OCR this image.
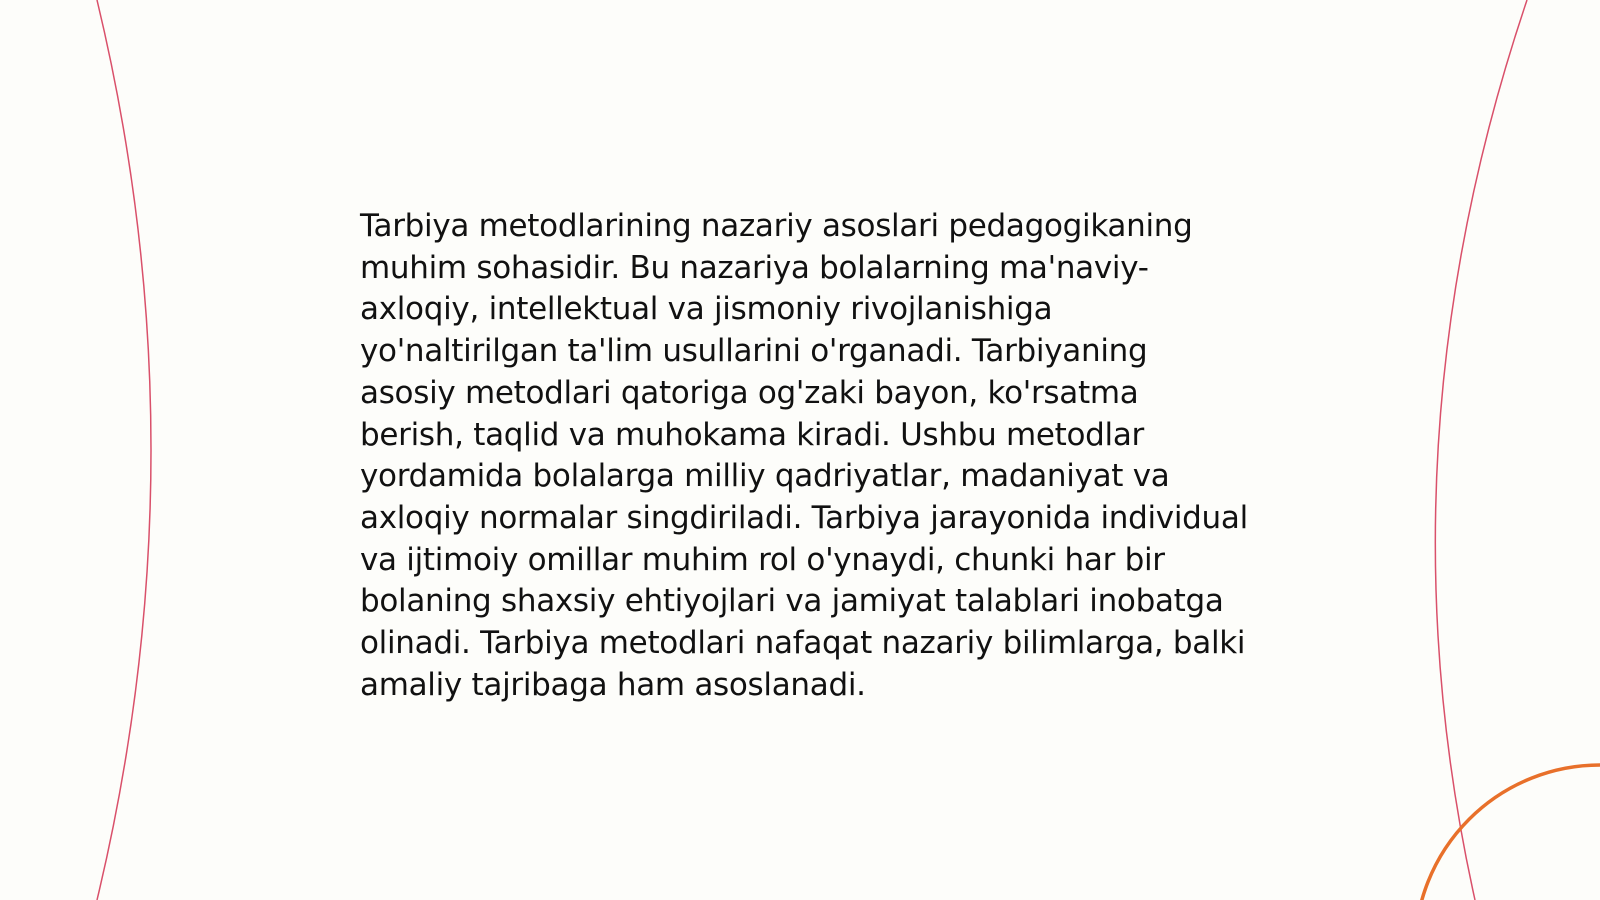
Tarbiya metodlarining nazariy asoslari pedagogikaning muhim sohasidir. Bu nazariya bolalarning ma'naviy-axloqiy, intellektual va jismoniy rivojlanishiga yo'naltirilgan ta'lim usullarini o'rganadi. Tarbiyaning asosiy metodlari qatoriga og'zaki bayon, ko'rsatma berish, taqlid va muhokama kiradi. Ushbu metodlar yordamida bolalarga milliy qadriyatlar, madaniyat va axloqiy normalar singdiriladi. Tarbiya jarayonida individual va ijtimoiy omillar muhim rol o'ynaydi, chunki har bir bolaning shaxsiy ehtiyojlari va jamiyat talablari inobatga olinadi. Tarbiya metodlari nafaqat nazariy bilimlarga, balki amaliy tajribaga ham asoslanadi.
